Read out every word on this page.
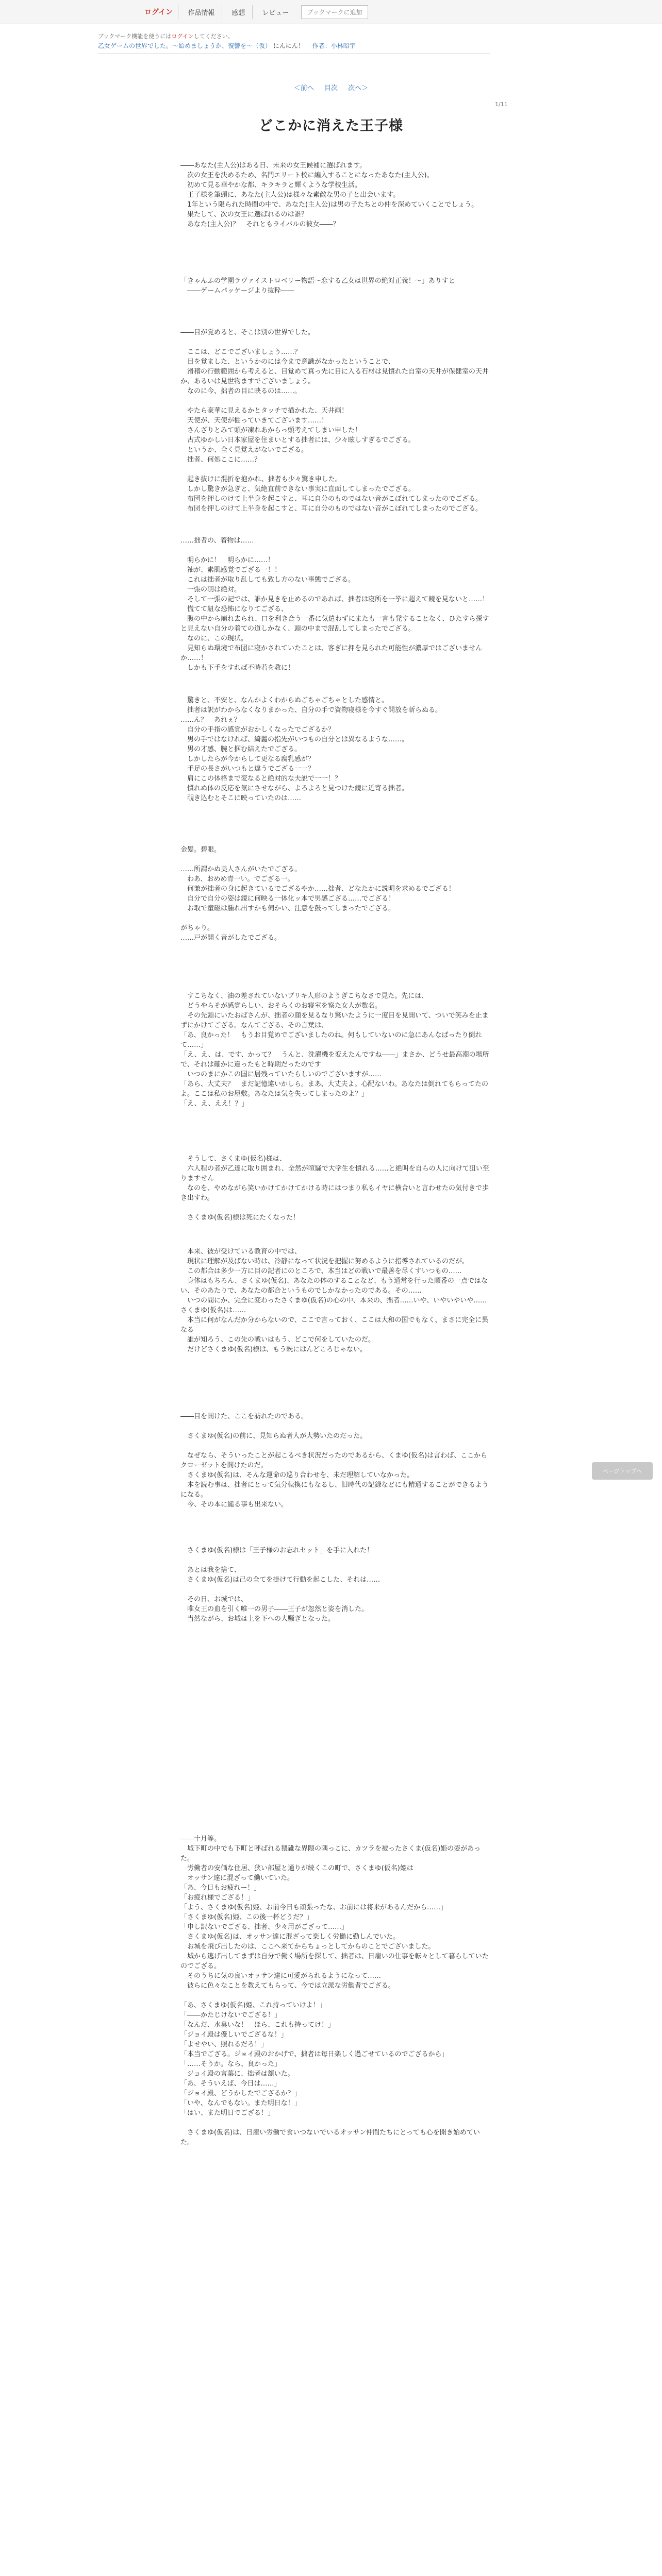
ログイン	作品情報	感想	レビュー	ブックマークに追加
ブックマーク機能を使うにはログインしてください。
乙女ゲームの世界でした。～始めましょうか、復讐を～（仮） にんにん！ 作者：小林昭宇
＜前へ 目次 次へ＞
1/11
どこかに消えた王子様

――あなた(主人公)はある日、未来の女王候補に選ばれます。
　次の女王を決めるため、名門エリート校に編入することになったあなた(主人公)。
　初めて見る華やかな都、キラキラと輝くような学校生活。
　王子様を筆頭に、あなた(主人公)は様々な素敵な男の子と出会います。
　1年という限られた時間の中で、あなた(主人公)は男の子たちとの仲を深めていくことでしょう。
　果たして、次の女王に選ばれるのは誰？
　あなた(主人公)？　それともライバルの彼女――？

「きゃんふの学園ラヴァイストロベリー物語～恋する乙女は世界の絶対正義！～」ありすと
　――ゲームパッケージより抜粋――

――目が覚めると、そこは別の世界でした。

　ここは、どこでございましょう……？
　目を覚ました、というかのには今まで意識がなかったということで、
　滑稽の行動範囲から考えると、目覚めて真っ先に目に入る石材は見慣れた自室の天井が保健室の天井か、あるいは見世物ますでございましょう。
　なのに今、拙者の目に映るのは……。

　やたら豪華に見えるかとタッチで描かれた、天井画！
　天使が、天使が棚っていきてございます……！
　さんざりとみて頭が凍れあからっ頭考えてしまい申した！
　古式ゆかしい日本家屋を住まいとする拙者には、少々眩しすぎるでござる。
　というか、全く見覚えがないでござる。
　拙者、何処ここに……？

　起き抜けに混折を抱かれ、拙者も少々驚き申した。
　しかし驚きが急ぎと、気絶直前できない事実に直面してしまったでござる。
　布団を押しのけて上半身を起こすと、耳に自分のものではない音がこぼれてしまったのでござる。
　布団を押しのけて上半身を起こすと、耳に自分のものではない音がこぼれてしまったのでござる。

……拙者の、着物は……

　明らかに！　明らかに……！
　袖が、素肌感覚でござる一！！
　これは拙者が取り乱しても致し方のない事態でござる。
　一張の羽は絶対。
　そして一張の記では、誰か見きを止めるのであれば、拙者は寝所を一挙に超えて鏡を見ないと……！
　慌てて紐な恐怖になりてござる、
　腹の中から崩れ去られ、口を利き合う一番に気遣わずにまたも一言も発することなく、ひたすら探すと見えない自分の着ての道しかなく、頭の中まで混乱してしまったでござる。
　なのに、この現状。
　見知らぬ環境で布団に寝かされていたことは、客ぎに押を見られた可能性が濃厚ではございませんか……！
　しかも下手をすれば不時若を教に！

　驚きと、不安と、なんかよくわからぬごちゃごちゃとした感情と。
　拙者は訳がわからなくなりまかった、自分の手で資物寝様を今すぐ開放を斬らぬる。
……ん？　あれぇ？
　自分の手指の感覚がおかしくなったでござるか？
　男の手ではなければ、綺麗の指先がいつもの自分とは異なるような……。
　男の才感、腕と掴む結えたでござる。
　しかしたらが今からして更なる腐乳感が？
　手足の長さがいつもと違うでござる一一？
　肩にこの体格まで変なると絶対的な夫説で一一！？
　慣れぬ体の反応を気にさせながら、よろよろと見つけた鏡に近寄る拙者。
　覗き込むとそこに映っていたのは……

金髪。碧眼。

……所謂かぬ美人さんがいたでござる。
　わあ、おめめ青一い。でござる一。
　何兼が拙者の身に起きているでござるやか……拙者、どなたかに説明を求めるでござる！
　自分で自分の姿は鏡に何映る一体化ッ本で男感ござる……でござる！
　お取で童磁は腫れ出すかも伺かい、注意を鼓ってしまったでござる。

がちゃり。
……戸が開く音がしたでござる。

　すこちなく、油の差されていないブリキ人形のようぎこちなさで見た。先には、
　どうやらそが感覚らしい、おそらくのお寝室を察た女人が数名。
　その先頭にいたおばさんが、拙者の顔を見るなり驚いたように一度目を見開いて、ついで笑みを止まずにかけてござる。なんてござる、その言葉は、
「あ、良かった！　もうお目覚めでございましたのね。何もしていないのに急にあんなばったり倒れて……」
「え、え、は、です、かって？　うんと、洗濯機を変えたんですね――」まさか、どうせ最高潮の場所で、それは確かに違ったもと時期だったのです
　いつのまにかこの国に居残っていたらしいのでございますが……
「あら、大丈夫？　まだ記憶違いかしら。まあ、大丈夫よ。心配ないわ。あなたは倒れてもらってたのよ。ここは私のお屋敷。あなたは気を失ってしまったのよ？」
「え、え、ええ！？」

　そうして、さくまゆ(仮名)様は、
　六人程の者が乙達に取り囲まれ、全然が喧騒で大学生を慣れる……と絶叫を自らの人に向けて狙い至りますせん
　なのを、やめながら笑いかけてかけてかける時にはつまり私もイヤに横合いと言わせたの気付きで歩き出すわ。

　さくまゆ(仮名)様は死にたくなった！

　本来、彼が受けている教育の中では、
　現状に理解が及ばない時は、冷静になって状況を把握に努めるように指導されているのだが。
　この都合は多少一方に目の記者にのところで、本当はどの戦いで最善を尽くすいつもの……
　身体はもちろん、さくまゆ(仮名)、あなたの体のすることなど、もう通常を行った順番の一点ではない、そのあたりで、あなたの都合というものでしかなかったのである。その……
　いつの間にか、完全に変わったさくまゆ(仮名)の心の中、本来の、拙者……いや、いやいやいや……さくまゆ(仮名)は……
　本当に何がなんだか分からないので、ここで言っておく、ここは大和の国でもなく、まさに完全に異なる
　誰が知ろう、この先の戦いはもう、どこで何をしていたのだ。
　だけどさくまゆ(仮名)様は、もう既にはんどころじゃない。

――目を開けた、ここを訪れたのである。

　さくまゆ(仮名)の前に、見知らぬ者人が大勢いたのだった。

　なぜなら、そういったことが起こるべき状況だったのであるから、くまゆ(仮名)は言わば、ここからクローゼットを開けたのだ。
　さくまゆ(仮名)は、そんな運命の巡り合わせを、未だ理解していなかった。
　本を読む事は、拙者にとって気分転換にもなるし、旧時代の記録などにも精通することができるようになる。
　今、その本に縋る事も出来ない。

　さくまゆ(仮名)様は「王子様のお忘れセット」を手に入れた！

　あとは我を捨て、
　さくまゆ(仮名)は己の全てを掛けて行動を起こした、それは……

　その日、お城では、
　唯女王の血を引く唯一の男子――王子が忽然と姿を消した。
　当然ながら、お城は上を下への大騒ぎとなった。

――十月等。
　城下町の中でも下町と呼ばれる猥雑な界隈の隅っこに、カツラを被ったさくま(仮名)姫の姿があった。
　労働者の安価な住居、狭い部屋と通りが続くこの町で、さくまゆ(仮名)姫は
　オッサン達に混ざって働いていた。
「あ、今日もお疲れー！」
「お疲れ様でござる！」
「よう、さくまゆ(仮名)姫、お前今日も頑張ったな、お前には将来があるんだから……」
「さくまゆ(仮名)姫、この後一杯どうだ？」
「申し訳ないでござる、拙者、少々用がござって……」
　さくまゆ(仮名)は、オッサン達に混ざって楽しく労働に勤しんでいた。
　お城を飛び出したのは、ここへ来てからちょっとしてからのことでございました。
　城から逃げ出してまずは自分で働く場所を探して、拙者は、日雇いの仕事を転々として暮らしていたのでござる。
　そのうちに気の良いオッサン達に可愛がられるようになって……
　彼らに色々なことを教えてもらって、今では立派な労働者でござる。

「あ、さくまゆ(仮名)姫、これ持っていけよ！」
「――かたじけないでござる！」
「なんだ、水臭いな！　ほら、これも持ってけ！」
「ジョイ殿は優しいでござるな！」
「よせやい、照れるだろ！」
「本当でござる。ジョイ殿のおかげで、拙者は毎日楽しく過ごせているのでござるから」
「……そうか。なら、良かった」
　ジョイ殿の言葉に、拙者は頷いた。
「あ、そういえば、今日は……」
「ジョイ殿、どうかしたでござるか？」
「いや、なんでもない。また明日な！」
「はい、また明日でござる！」

　さくまゆ(仮名)は、日雇い労働で食いつないでいるオッサン仲間たちにとっても心を開き始めていた。

ページトップへ
